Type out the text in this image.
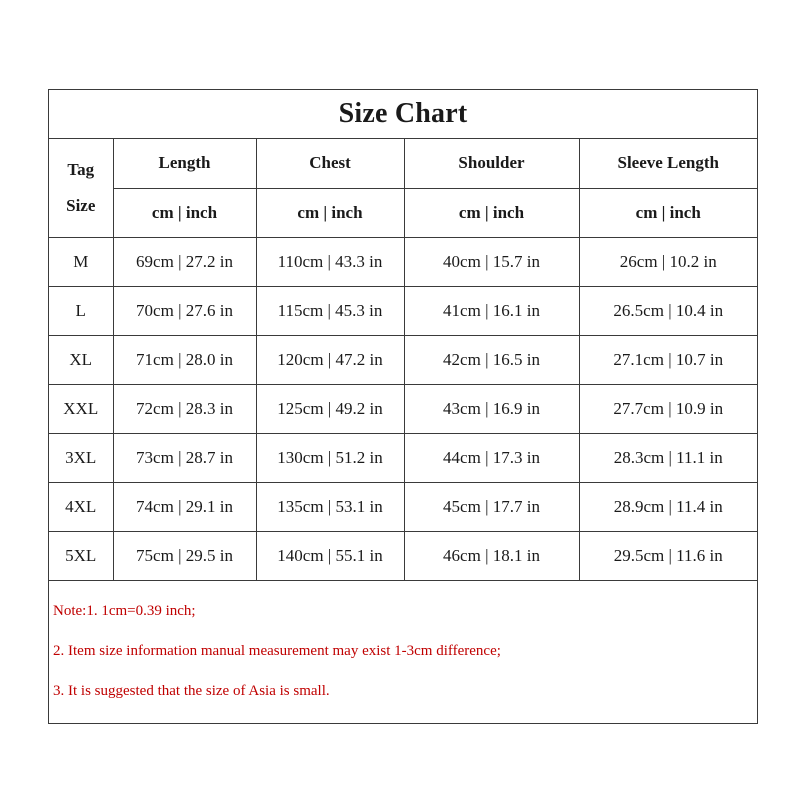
Size Chart
Tag
Size	Length	Chest	Shoulder	Sleeve Length
	cm | inch	cm | inch	cm | inch	cm | inch
M	69cm | 27.2 in	110cm | 43.3 in	40cm | 15.7 in	26cm | 10.2 in
L	70cm | 27.6 in	115cm | 45.3 in	41cm | 16.1 in	26.5cm | 10.4 in
XL	71cm | 28.0 in	120cm | 47.2 in	42cm | 16.5 in	27.1cm | 10.7 in
XXL	72cm | 28.3 in	125cm | 49.2 in	43cm | 16.9 in	27.7cm | 10.9 in
3XL	73cm | 28.7 in	130cm | 51.2 in	44cm | 17.3 in	28.3cm | 11.1 in
4XL	74cm | 29.1 in	135cm | 53.1 in	45cm | 17.7 in	28.9cm | 11.4 in
5XL	75cm | 29.5 in	140cm | 55.1 in	46cm | 18.1 in	29.5cm | 11.6 in
Note:1. 1cm=0.39 inch;
2. Item size information manual measurement may exist 1-3cm difference;
3. It is suggested that the size of Asia is small.
